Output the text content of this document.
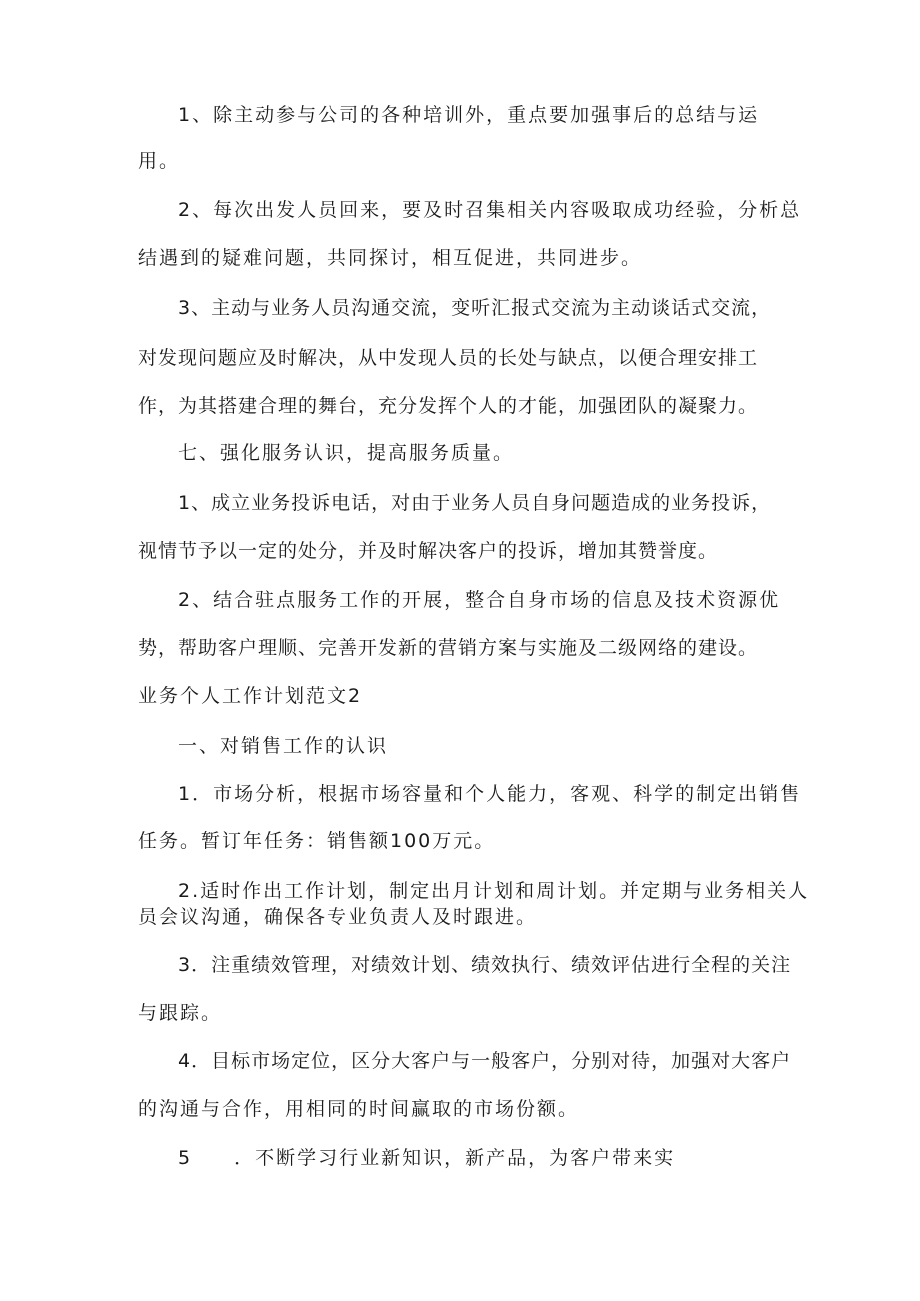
1、除主动参与公司的各种培训外，重点要加强事后的总结与运
用。
2、每次出发人员回来，要及时召集相关内容吸取成功经验，分析总
结遇到的疑难问题，共同探讨，相互促进，共同进步。
3、主动与业务人员沟通交流，变听汇报式交流为主动谈话式交流，
对发现问题应及时解决，从中发现人员的长处与缺点，以便合理安排工
作，为其搭建合理的舞台，充分发挥个人的才能，加强团队的凝聚力。
七、强化服务认识，提高服务质量。
1、成立业务投诉电话，对由于业务人员自身问题造成的业务投诉，
视情节予以一定的处分，并及时解决客户的投诉，增加其赞誉度。
2、结合驻点服务工作的开展，整合自身市场的信息及技术资源优
势，帮助客户理顺、完善开发新的营销方案与实施及二级网络的建设。
业务个人工作计划范文2
一、对销售工作的认识
1．市场分析，根据市场容量和个人能力，客观、科学的制定出销售
任务。暂订年任务：销售额100万元。
2.适时作出工作计划，制定出月计划和周计划。并定期与业务相关人
员会议沟通，确保各专业负责人及时跟进。
3．注重绩效管理，对绩效计划、绩效执行、绩效评估进行全程的关注
与跟踪。
4．目标市场定位，区分大客户与一般客户，分别对待，加强对大客户
的沟通与合作，用相同的时间赢取的市场份额。
5　　．不断学习行业新知识，新产品，为客户带来实
